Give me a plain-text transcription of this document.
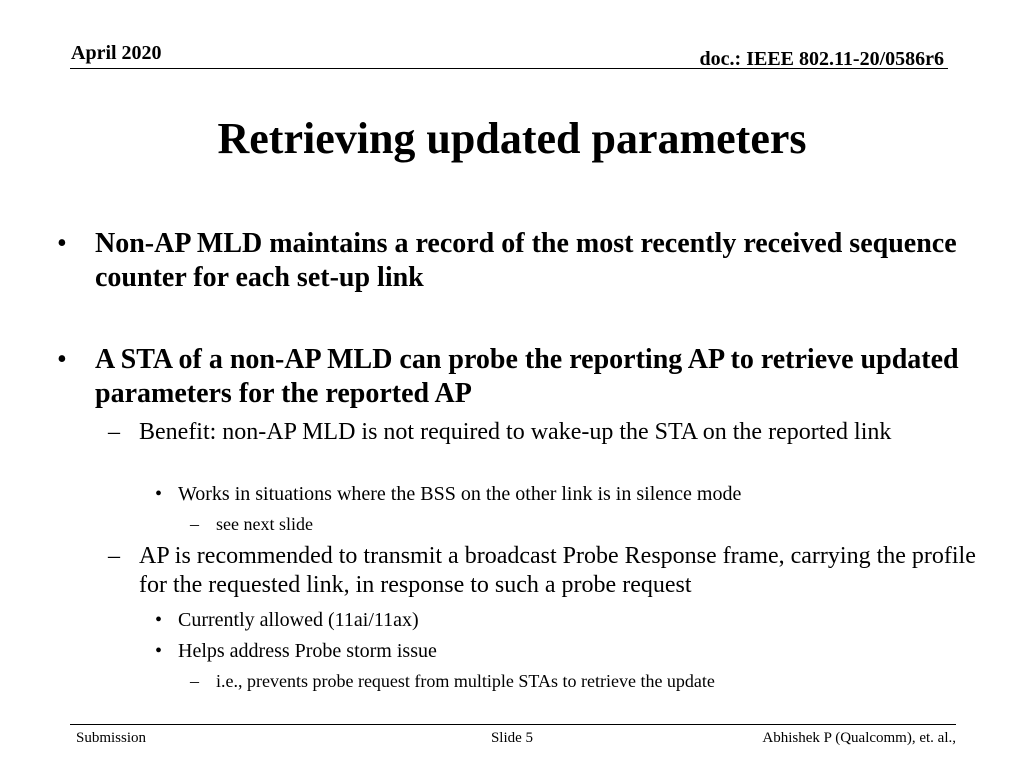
April 2020	doc.: IEEE 802.11-20/0586r6
Retrieving updated parameters
• Non-AP MLD maintains a record of the most recently received sequence counter for each set-up link
• A STA of a non-AP MLD can probe the reporting AP to retrieve updated parameters for the reported AP
– Benefit: non-AP MLD is not required to wake-up the STA on the reported link
• Works in situations where the BSS on the other link is in silence mode
– see next slide
– AP is recommended to transmit a broadcast Probe Response frame, carrying the profile for the requested link, in response to such a probe request
• Currently allowed (11ai/11ax)
• Helps address Probe storm issue
– i.e., prevents probe request from multiple STAs to retrieve the update
Submission	Slide 5	Abhishek P (Qualcomm), et. al.,
